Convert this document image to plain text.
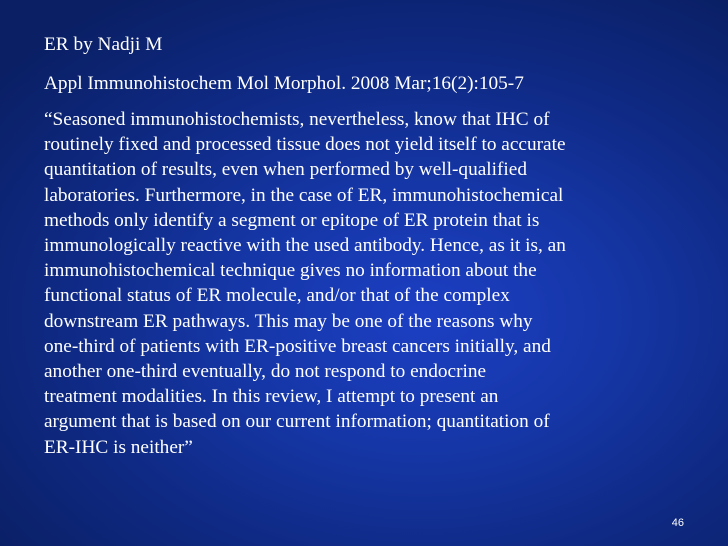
ER by Nadji M

Appl Immunohistochem Mol Morphol. 2008 Mar;16(2):105-7

“Seasoned immunohistochemists, nevertheless, know that IHC of

routinely fixed and processed tissue does not yield itself to accurate

quantitation of results, even when performed by well-qualified

laboratories. Furthermore, in the case of ER, immunohistochemical

methods only identify a segment or epitope of ER protein that is

immunologically reactive with the used antibody. Hence, as it is, an

immunohistochemical technique gives no information about the

functional status of ER molecule, and/or that of the complex

downstream ER pathways. This may be one of the reasons why

one-third of patients with ER-positive breast cancers initially, and

another one-third eventually, do not respond to endocrine

treatment modalities. In this review, I attempt to present an

argument that is based on our current information; quantitation of

ER-IHC is neither”

46
